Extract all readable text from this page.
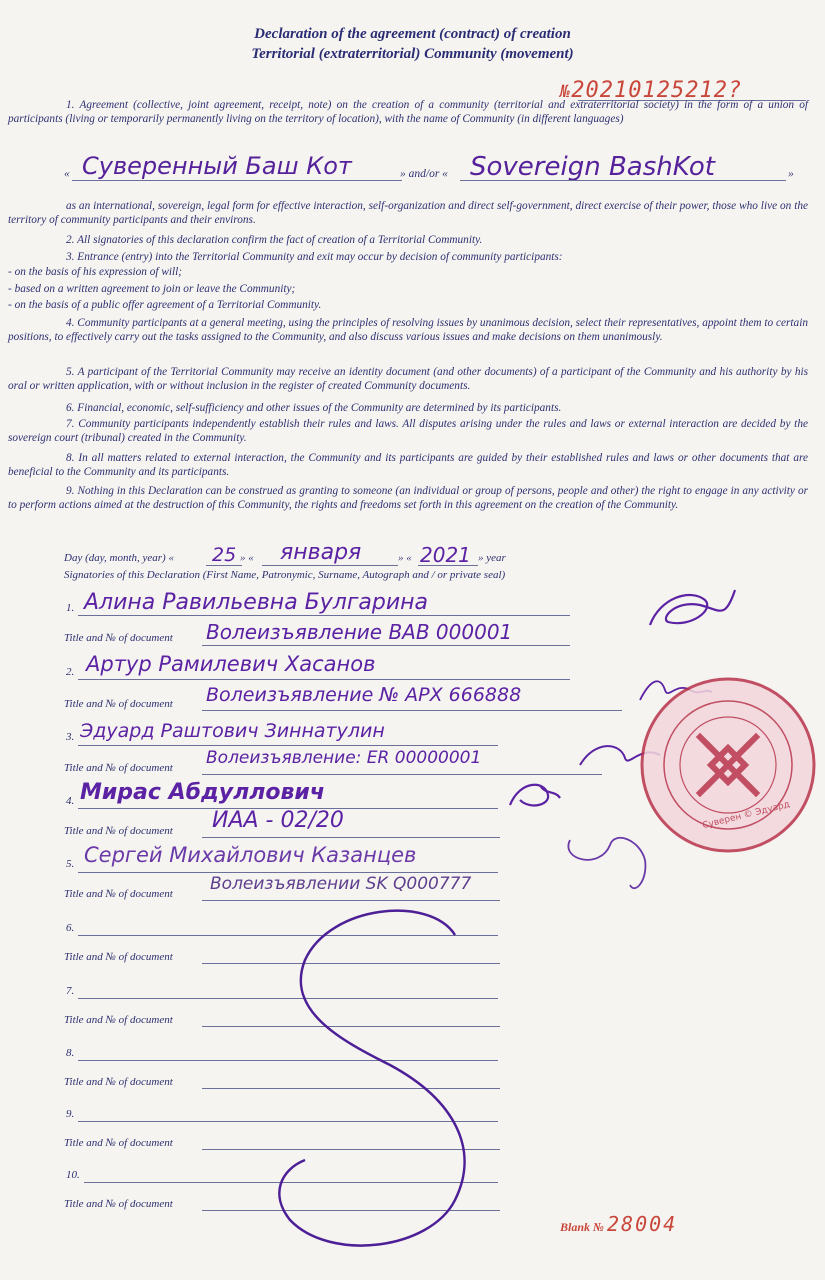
Declaration of the agreement (contract) of creation
Territorial (extraterritorial) Community (movement)
№20210125212?
1. Agreement (collective, joint agreement, receipt, note) on the creation of a community (territorial and extraterritorial society) in the form of a union of participants (living or temporarily permanently living on the territory of location), with the name of Community (in different languages)
« Суверенный Баш Кот	» and/or « Sovereign BashKot	»
as an international, sovereign, legal form for effective interaction, self-organization and direct self-government, direct exercise of their power, those who live on the territory of community participants and their environs.
2. All signatories of this declaration confirm the fact of creation of a Territorial Community.
3. Entrance (entry) into the Territorial Community and exit may occur by decision of community participants:
- on the basis of his expression of will;
- based on a written agreement to join or leave the Community;
- on the basis of a public offer agreement of a Territorial Community.
4. Community participants at a general meeting, using the principles of resolving issues by unanimous decision, select their representatives, appoint them to certain positions, to effectively carry out the tasks assigned to the Community, and also discuss various issues and make decisions on them unanimously.
5. A participant of the Territorial Community may receive an identity document (and other documents) of a participant of the Community and his authority by his oral or written application, with or without inclusion in the register of created Community documents.
6. Financial, economic, self-sufficiency and other issues of the Community are determined by its participants.
7. Community participants independently establish their rules and laws. All disputes arising under the rules and laws or external interaction are decided by the sovereign court (tribunal) created in the Community.
8. In all matters related to external interaction, the Community and its participants are guided by their established rules and laws or other documents that are beneficial to the Community and its participants.
9. Nothing in this Declaration can be construed as granting to someone (an individual or group of persons, people and other) the right to engage in any activity or to perform actions aimed at the destruction of this Community, the rights and freedoms set forth in this agreement on the creation of the Community.
Day (day, month, year) « 25 » « января	» « 2021 » year
Signatories of this Declaration (First Name, Patronymic, Surname, Autograph and / or private seal)
1. Алина Равильевна Булгарина
Title and № of document Волеизъявление ВАВ 000001
2. Артур Рамилевич Хасанов
Title and № of document Волеизъявление № АРХ 666888
3. Эдуард Раштович Зиннатулин
Title and № of document Волеизъявление: ER 00000001
4. Мирас Абдуллович
Title and № of document ИАА - 02/20
5. Сергей Михайлович Казанцев
Title and № of document Волеизъявлении SK Q000777
6.
Title and № of document
7.
Title and № of document
8.
Title and № of document
9.
Title and № of document
10.
Title and № of document
Суверен © Эдуард
Blank № 28004
